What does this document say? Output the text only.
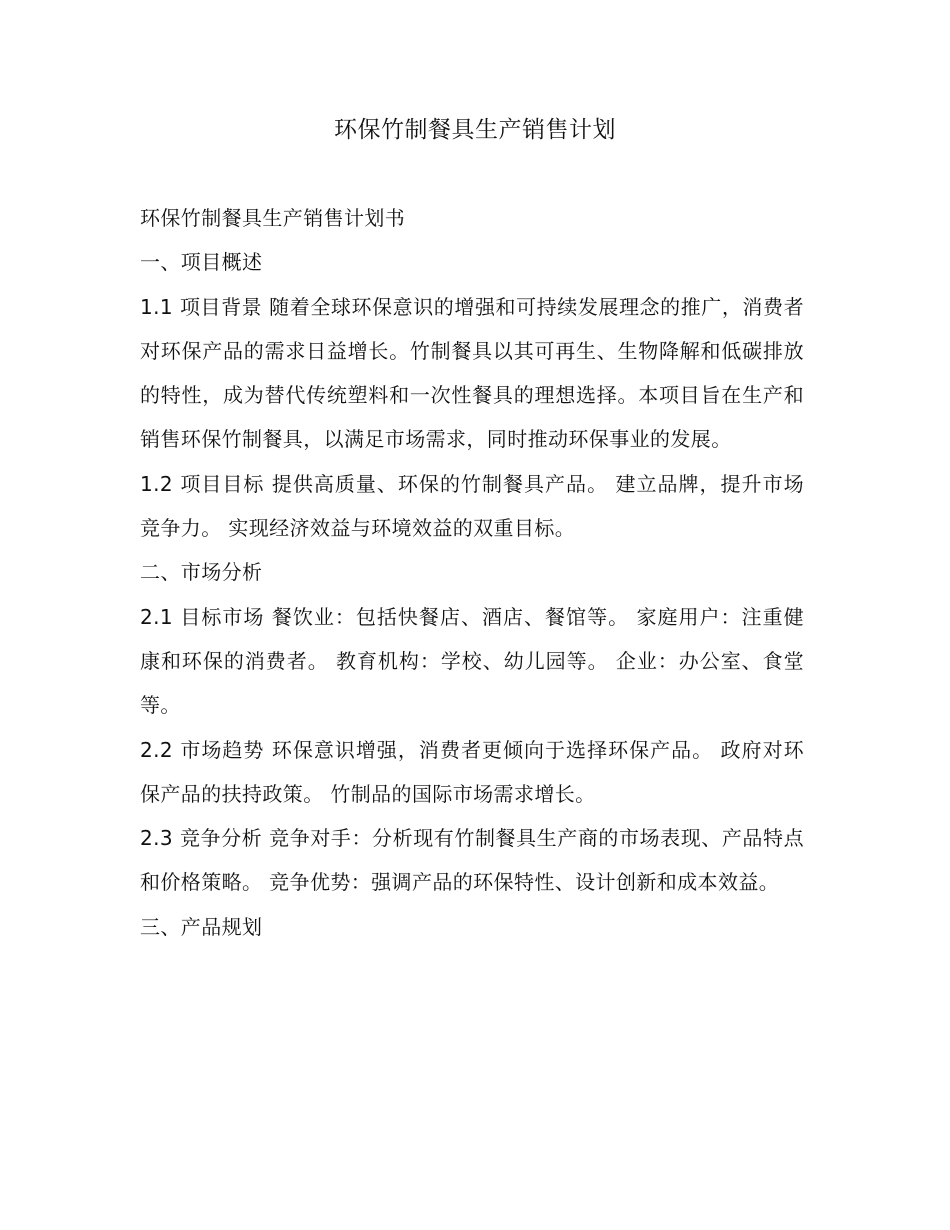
环保竹制餐具生产销售计划

环保竹制餐具生产销售计划书

一、项目概述

1.1 项目背景 随着全球环保意识的增强和可持续发展理念的推广，消费者对环保产品的需求日益增长。竹制餐具以其可再生、生物降解和低碳排放的特性，成为替代传统塑料和一次性餐具的理想选择。本项目旨在生产和销售环保竹制餐具，以满足市场需求，同时推动环保事业的发展。

1.2 项目目标 提供高质量、环保的竹制餐具产品。 建立品牌，提升市场竞争力。 实现经济效益与环境效益的双重目标。

二、市场分析

2.1 目标市场 餐饮业：包括快餐店、酒店、餐馆等。 家庭用户：注重健康和环保的消费者。 教育机构：学校、幼儿园等。 企业：办公室、食堂等。

2.2 市场趋势 环保意识增强，消费者更倾向于选择环保产品。 政府对环保产品的扶持政策。 竹制品的国际市场需求增长。

2.3 竞争分析 竞争对手：分析现有竹制餐具生产商的市场表现、产品特点和价格策略。 竞争优势：强调产品的环保特性、设计创新和成本效益。

三、产品规划
